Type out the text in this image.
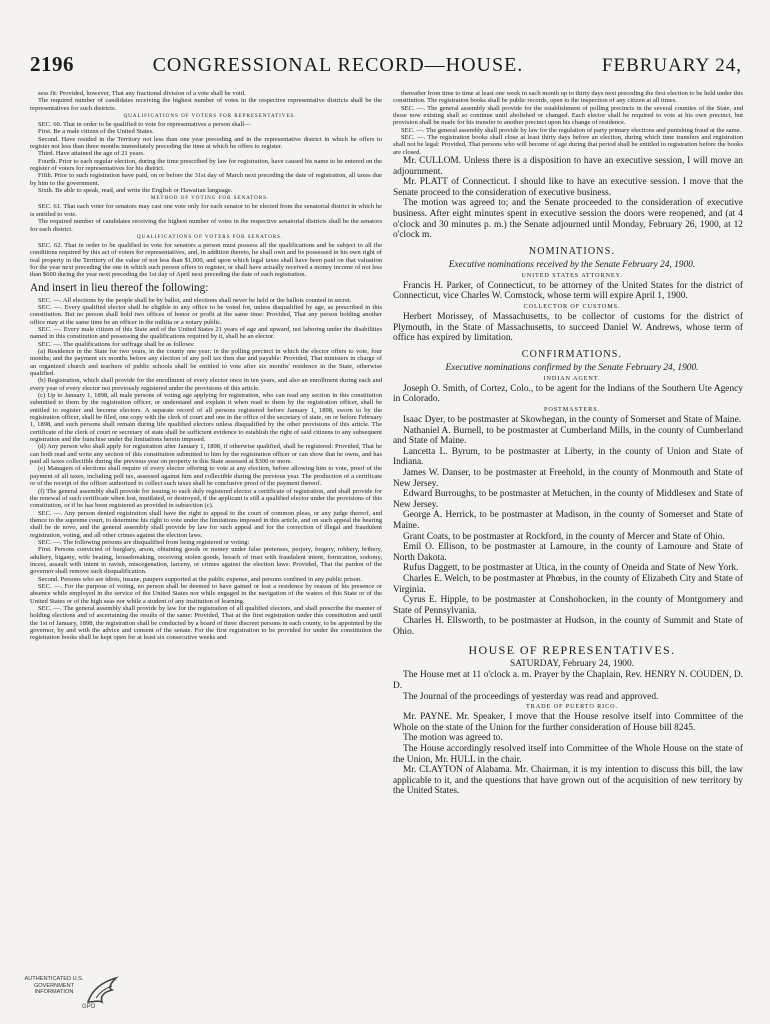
2196	CONGRESSIONAL RECORD—HOUSE.	FEBRUARY 24,

sess fit: Provided, however, That any fractional division of a vote shall be void.

The required number of candidates receiving the highest number of votes in the respective representative districts shall be the representatives for such districts.

QUALIFICATIONS OF VOTERS FOR REPRESENTATIVES.

SEC. 60. That in order to be qualified to vote for representatives a person shall—

First. Be a male citizen of the United States.

Second. Have resided in the Territory not less than one year preceding and in the representative district in which he offers to register not less than three months immediately preceding the time at which he offers to register.

Third. Have attained the age of 21 years.

Fourth. Prior to each regular election, during the time prescribed by law for registration, have caused his name to be entered on the register of voters for representatives for his district.

Fifth. Prior to such registration have paid, on or before the 31st day of March next preceding the date of registration, all taxes due by him to the government.

Sixth. Be able to speak, read, and write the English or Hawaiian language.

METHOD OF VOTING FOR SENATORS.

SEC. 61. That each voter for senators may cast one vote only for each senator to be elected from the senatorial district in which he is entitled to vote.

The required number of candidates receiving the highest number of votes in the respective senatorial districts shall be the senators for each district.

QUALIFICATIONS OF VOTERS FOR SENATORS.

SEC. 62. That in order to be qualified to vote for senators a person must possess all the qualifications and be subject to all the conditions required by this act of voters for representatives, and, in addition thereto, he shall own and be possessed in his own right of real property in the Territory of the value of not less than $1,000, and upon which legal taxes shall have been paid on that valuation for the year next preceding the one in which such person offers to register, or shall have actually received a money income of not less than $600 during the year next preceding the 1st day of April next preceding the date of each registration.

And insert in lieu thereof the following:

SEC. —. All elections by the people shall be by ballot, and elections shall never be held or the ballots counted in secret.

SEC. —. Every qualified elector shall be eligible to any office to be voted for, unless disqualified by age, as prescribed in this constitution. But no person shall hold two offices of honor or profit at the same time: Provided, That any person holding another office may at the same time be an officer in the militia or a notary public.

SEC. —. Every male citizen of this State and of the United States 21 years of age and upward, not laboring under the disabilities named in this constitution and possessing the qualifications required by it, shall be an elector.

SEC. —. The qualifications for suffrage shall be as follows:

(a) Residence in the State for two years, in the county one year; in the polling precinct in which the elector offers to vote, four months; and the payment six months before any election of any poll tax then due and payable: Provided, That ministers in charge of an organized church and teachers of public schools shall be entitled to vote after six months' residence in the State, otherwise qualified.

(b) Registration, which shall provide for the enrollment of every elector once in ten years, and also an enrollment during each and every year of every elector not previously registered under the provisions of this article.

(c) Up to January 1, 1898, all male persons of voting age applying for registration, who can read any section in this constitution submitted to them by the registration officer, or understand and explain it when read to them by the registration officer, shall be entitled to register and become electors. A separate record of all persons registered before January 1, 1898, sworn to by the registration officer, shall be filed, one copy with the clerk of court and one in the office of the secretary of state, on or before February 1, 1898, and such persons shall remain during life qualified electors unless disqualified by the other provisions of this article. The certificate of the clerk of court or secretary of state shall be sufficient evidence to establish the right of said citizens to any subsequent registration and the franchise under the limitations herein imposed.

(d) Any person who shall apply for registration after January 1, 1898, if otherwise qualified, shall be registered: Provided, That he can both read and write any section of this constitution submitted to him by the registration officer or can show that he owns, and has paid all taxes collectible during the previous year on property in this State assessed at $300 or more.

(e) Managers of elections shall require of every elector offering to vote at any election, before allowing him to vote, proof of the payment of all taxes, including poll tax, assessed against him and collectible during the previous year. The production of a certificate or of the receipt of the officer authorized to collect such taxes shall be conclusive proof of the payment thereof.

(f) The general assembly shall provide for issuing to each duly registered elector a certificate of registration, and shall provide for the renewal of such certificate when lost, mutilated, or destroyed, if the applicant is still a qualified elector under the provisions of this constitution, or if he has been registered as provided in subsection (c).

SEC. —. Any person denied registration shall have the right to appeal to the court of common pleas, or any judge thereof, and thence to the supreme court, to determine his right to vote under the limitations imposed in this article, and on such appeal the hearing shall be de novo, and the general assembly shall provide by law for such appeal and for the correction of illegal and fraudulent registration, voting, and all other crimes against the election laws.

SEC. —. The following persons are disqualified from being registered or voting:

First. Persons convicted of burglary, arson, obtaining goods or money under false pretenses, perjury, forgery, robbery, bribery, adultery, bigamy, wife beating, housebreaking, receiving stolen goods, breach of trust with fraudulent intent, fornication, sodomy, incest, assault with intent to ravish, miscegenation, larceny, or crimes against the election laws: Provided, That the pardon of the governor shall remove such disqualification.

Second. Persons who are idiots, insane, paupers supported at the public expense, and persons confined in any public prison.

SEC. —. For the purpose of voting, no person shall be deemed to have gained or lost a residence by reason of his presence or absence while employed in the service of the United States nor while engaged in the navigation of the waters of this State or of the United States or of the high seas nor while a student of any institution of learning.

SEC. —. The general assembly shall provide by law for the registration of all qualified electors, and shall prescribe the manner of holding elections and of ascertaining the results of the same: Provided, That at the first registration under this constitution and until the 1st of January, 1898, the registration shall be conducted by a board of three discreet persons in each county, to be appointed by the governor, by and with the advice and consent of the senate. For the first registration to be provided for under the constitution the registration books shall be kept open for at least six consecutive weeks and

thereafter from time to time at least one week in each month up to thirty days next preceding the first election to be held under this constitution. The registration books shall be public records, open to the inspection of any citizen at all times.

SEC. —. The general assembly shall provide for the establishment of polling precincts in the several counties of the State, and those now existing shall so continue until abolished or changed. Each elector shall be required to vote at his own precinct, but provision shall be made for his transfer to another precinct upon his change of residence.

SEC. —. The general assembly shall provide by law for the regulation of party primary elections and punishing fraud at the same.

SEC. —. The registration books shall close at least thirty days before an election, during which time transfers and registration shall not be legal: Provided, That persons who will become of age during that period shall be entitled to registration before the books are closed.

Mr. CULLOM. Unless there is a disposition to have an executive session, I will move an adjournment.

Mr. PLATT of Connecticut. I should like to have an executive session. I move that the Senate proceed to the consideration of executive business.

The motion was agreed to; and the Senate proceeded to the consideration of executive business. After eight minutes spent in executive session the doors were reopened, and (at 4 o'clock and 30 minutes p. m.) the Senate adjourned until Monday, February 26, 1900, at 12 o'clock m.

NOMINATIONS.

Executive nominations received by the Senate February 24, 1900.

UNITED STATES ATTORNEY.

Francis H. Parker, of Connecticut, to be attorney of the United States for the district of Connecticut, vice Charles W. Comstock, whose term will expire April 1, 1900.

COLLECTOR OF CUSTOMS.

Herbert Morissey, of Massachusetts, to be collector of customs for the district of Plymouth, in the State of Massachusetts, to succeed Daniel W. Andrews, whose term of office has expired by limitation.

CONFIRMATIONS.

Executive nominations confirmed by the Senate February 24, 1900.

INDIAN AGENT.

Joseph O. Smith, of Cortez, Colo., to be agent for the Indians of the Southern Ute Agency in Colorado.

POSTMASTERS.

Isaac Dyer, to be postmaster at Skowhegan, in the county of Somerset and State of Maine.

Nathaniel A. Burnell, to be postmaster at Cumberland Mills, in the county of Cumberland and State of Maine.

Lancetta L. Byrum, to be postmaster at Liberty, in the county of Union and State of Indiana.

James W. Danser, to be postmaster at Freehold, in the county of Monmouth and State of New Jersey.

Edward Burroughs, to be postmaster at Metuchen, in the county of Middlesex and State of New Jersey.

George A. Herrick, to be postmaster at Madison, in the county of Somerset and State of Maine.

Grant Coats, to be postmaster at Rockford, in the county of Mercer and State of Ohio.

Emil O. Ellison, to be postmaster at Lamoure, in the county of Lamoure and State of North Dakota.

Rufus Daggett, to be postmaster at Utica, in the county of Oneida and State of New York.

Charles E. Welch, to be postmaster at Phœbus, in the county of Elizabeth City and State of Virginia.

Cyrus E. Hipple, to be postmaster at Conshohocken, in the county of Montgomery and State of Pennsylvania.

Charles H. Ellsworth, to be postmaster at Hudson, in the county of Summit and State of Ohio.

HOUSE OF REPRESENTATIVES.

SATURDAY, February 24, 1900.

The House met at 11 o'clock a. m. Prayer by the Chaplain, Rev. HENRY N. COUDEN, D. D.

The Journal of the proceedings of yesterday was read and approved.

TRADE OF PUERTO RICO.

Mr. PAYNE. Mr. Speaker, I move that the House resolve itself into Committee of the Whole on the state of the Union for the further consideration of House bill 8245.

The motion was agreed to.

The House accordingly resolved itself into Committee of the Whole House on the state of the Union, Mr. HULL in the chair.

Mr. CLAYTON of Alabama. Mr. Chairman, it is my intention to discuss this bill, the law applicable to it, and the questions that have grown out of the acquisition of new territory by the United States.

AUTHENTICATED U.S. GOVERNMENT INFORMATION
GPO
